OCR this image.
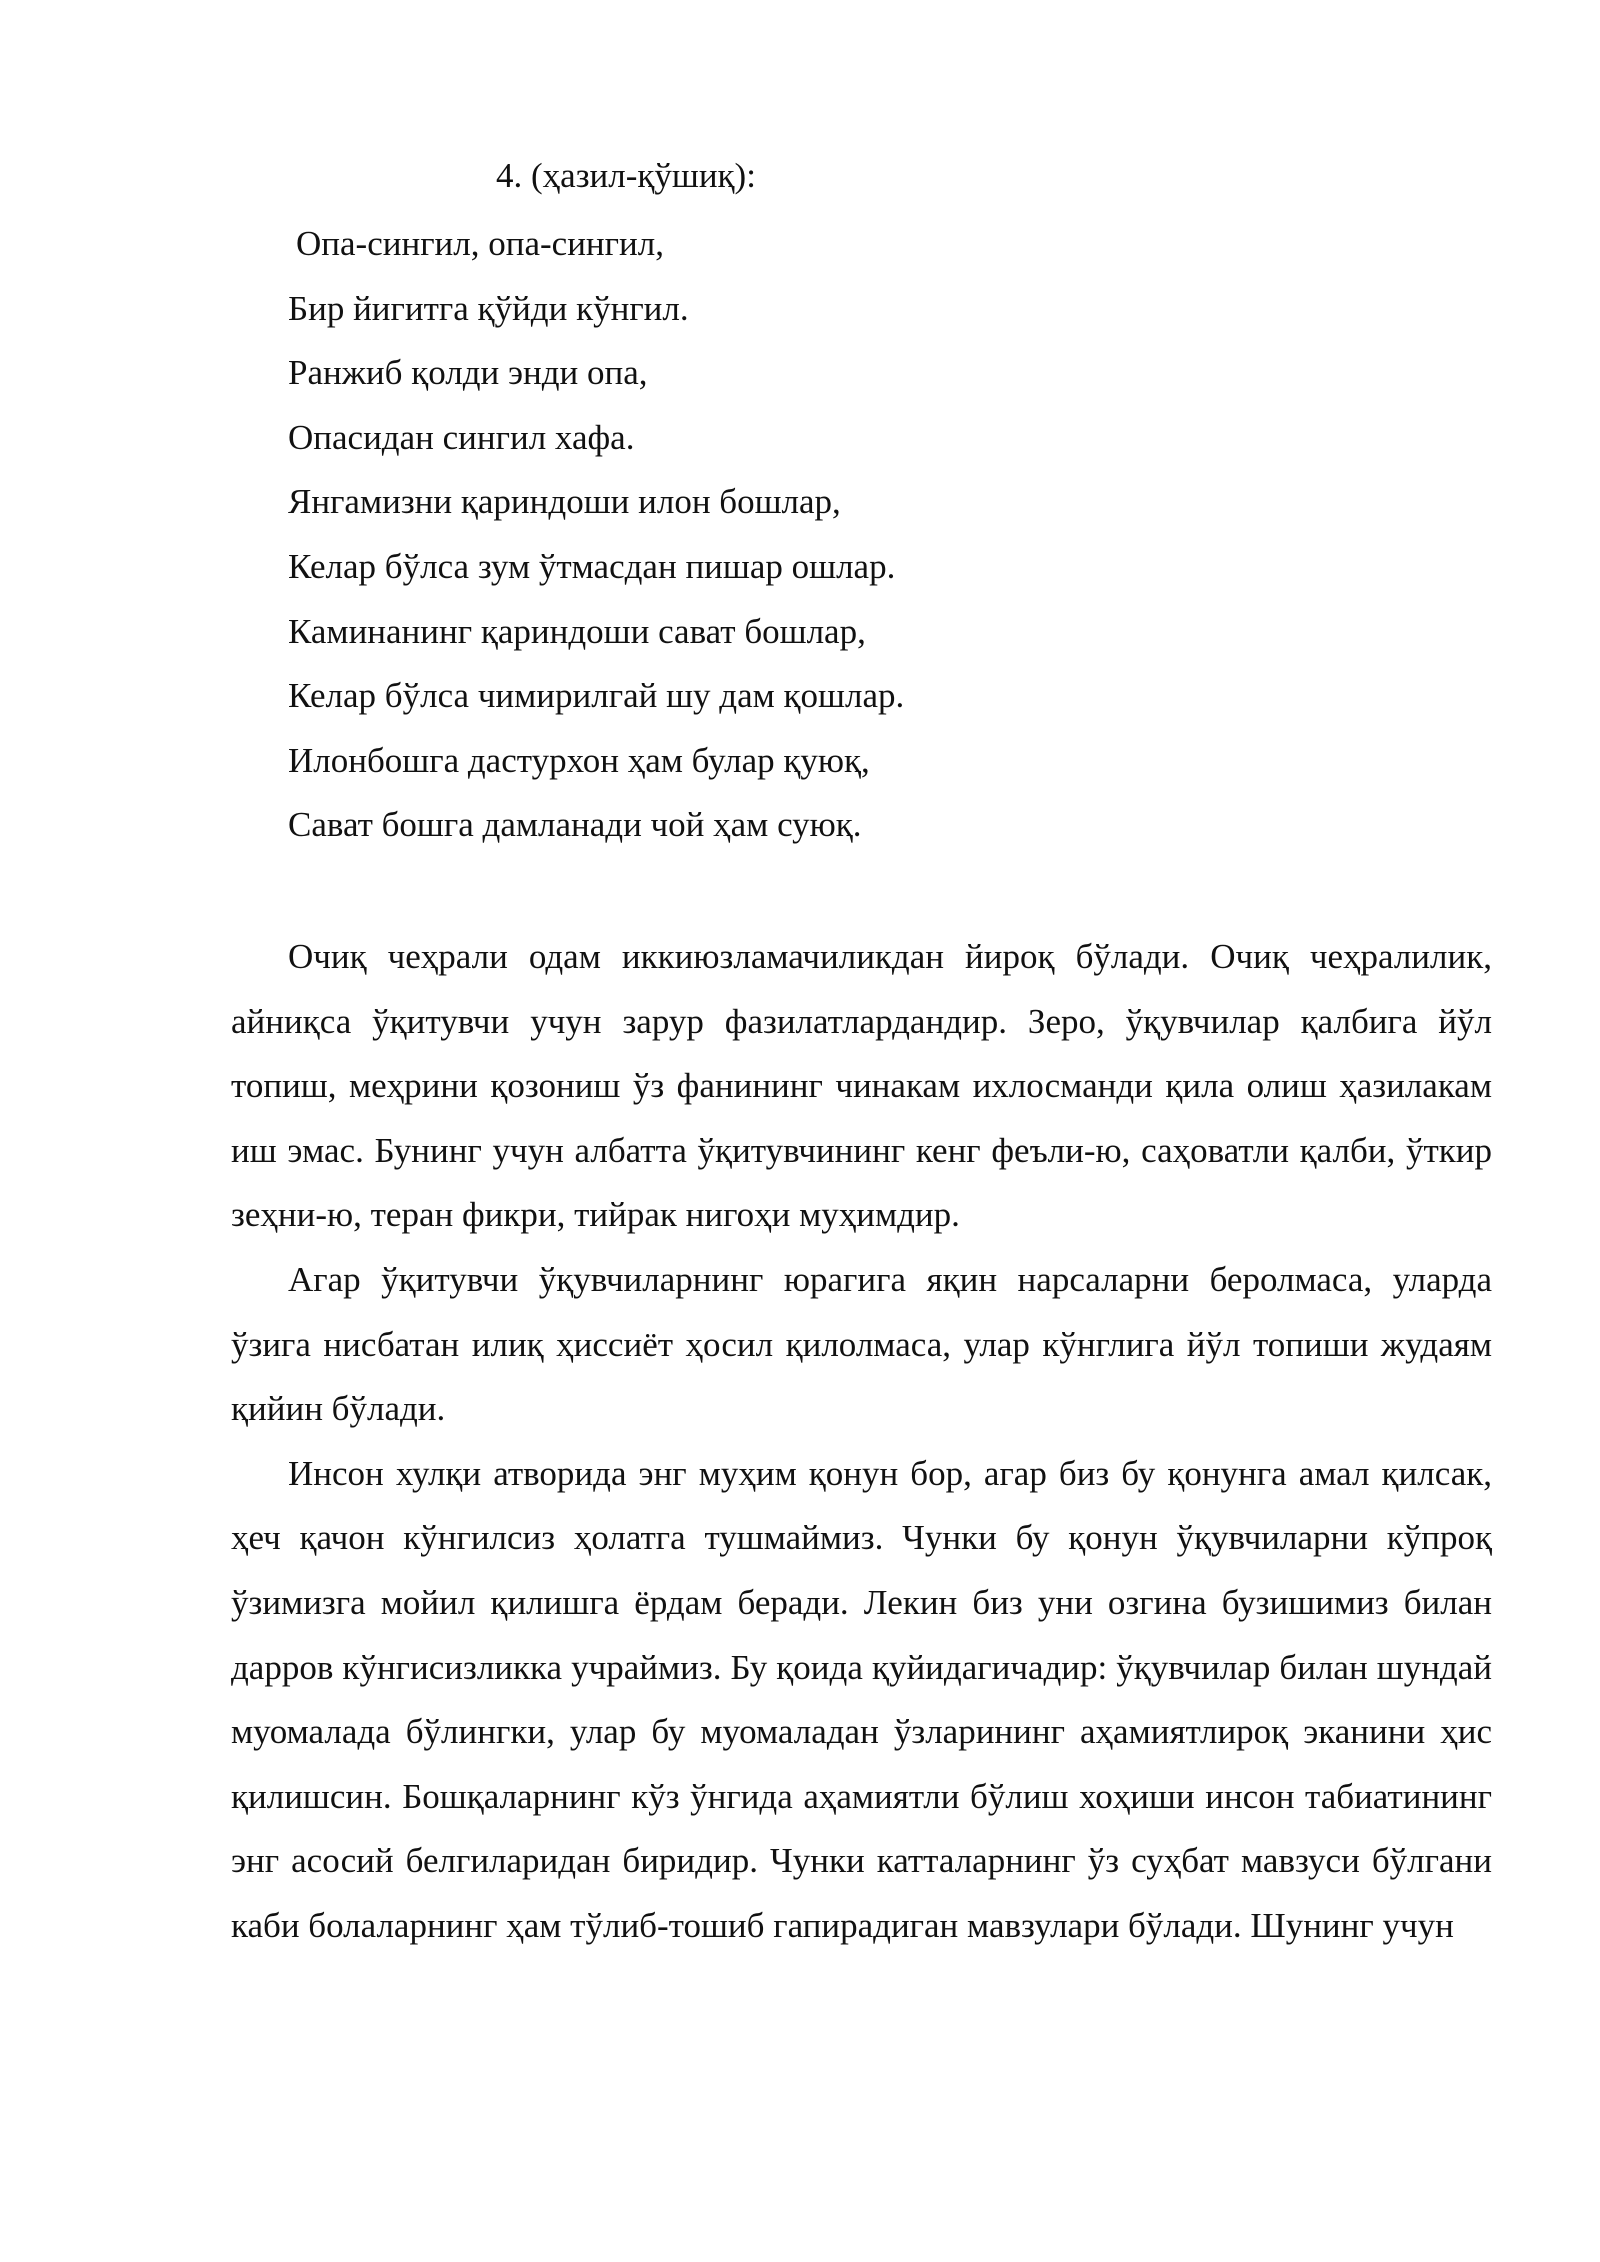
4. (ҳазил-қўшиқ):
Опа-сингил, опа-сингил,
Бир йигитга қўйди кўнгил.
Ранжиб қолди энди опа,
Опасидан сингил хафа.
Янгамизни қариндоши илон бошлар,
Келар бўлса зум ўтмасдан пишар ошлар.
Каминанинг қариндоши сават бошлар,
Келар бўлса чимирилгай шу дам қошлар.
Илонбошга дастурхон ҳам булар қуюқ,
Сават бошга дамланади чой ҳам суюқ.

Очиқ чеҳрали одам иккиюзламачиликдан йироқ бўлади. Очиқ чеҳралилик, айниқса ўқитувчи учун зарур фазилатлардандир. Зеро, ўқувчилар қалбига йўл топиш, меҳрини қозониш ўз фанининг чинакам ихлосманди қила олиш ҳазилакам иш эмас. Бунинг учун албатта ўқитувчининг кенг феъли-ю, саҳоватли қалби, ўткир зеҳни-ю, теран фикри, тийрак нигоҳи муҳимдир.

Агар ўқитувчи ўқувчиларнинг юрагига яқин нарсаларни беролмаса, уларда ўзига нисбатан илиқ ҳиссиёт ҳосил қилолмаса, улар кўнглига йўл топиши жудаям қийин бўлади.

Инсон хулқи атворида энг муҳим қонун бор, агар биз бу қонунга амал қилсак, ҳеч қачон кўнгилсиз ҳолатга тушмаймиз. Чунки бу қонун ўқувчиларни кўпроқ ўзимизга мойил қилишга ёрдам беради. Лекин биз уни озгина бузишимиз билан дарров кўнгисизликка учраймиз. Бу қоида қуйидагичадир: ўқувчилар билан шундай муомалада бўлингки, улар бу муомаладан ўзларининг аҳамиятлироқ эканини ҳис қилишсин. Бошқаларнинг кўз ўнгида аҳамиятли бўлиш хоҳиши инсон табиатининг энг асосий белгиларидан биридир. Чунки катталарнинг ўз суҳбат мавзуси бўлгани каби болаларнинг ҳам тўлиб-тошиб гапирадиган мавзулари бўлади. Шунинг учун
